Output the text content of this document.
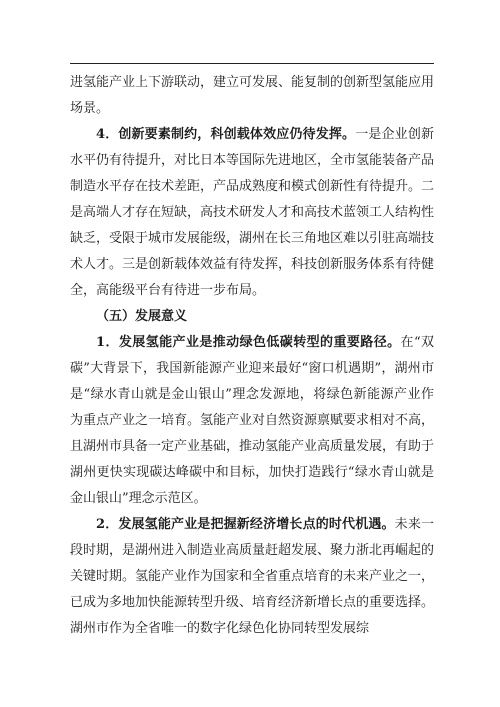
进氢能产业上下游联动，建立可发展、能复制的创新型氢能应用场景。

4．创新要素制约，科创载体效应仍待发挥。一是企业创新水平仍有待提升，对比日本等国际先进地区，全市氢能装备产品制造水平存在技术差距，产品成熟度和模式创新性有待提升。二是高端人才存在短缺，高技术研发人才和高技术蓝领工人结构性缺乏，受限于城市发展能级，湖州在长三角地区难以引驻高端技术人才。三是创新载体效益有待发挥，科技创新服务体系有待健全，高能级平台有待进一步布局。

（五）发展意义

1．发展氢能产业是推动绿色低碳转型的重要路径。在“双碳”大背景下，我国新能源产业迎来最好“窗口机遇期”，湖州市是“绿水青山就是金山银山”理念发源地，将绿色新能源产业作为重点产业之一培育。氢能产业对自然资源禀赋要求相对不高，且湖州市具备一定产业基础，推动氢能产业高质量发展，有助于湖州更快实现碳达峰碳中和目标，加快打造践行“绿水青山就是金山银山”理念示范区。

2．发展氢能产业是把握新经济增长点的时代机遇。未来一段时期，是湖州进入制造业高质量赶超发展、聚力浙北再崛起的关键时期。氢能产业作为国家和全省重点培育的未来产业之一，已成为多地加快能源转型升级、培育经济新增长点的重要选择。湖州市作为全省唯一的数字化绿色化协同转型发展综
